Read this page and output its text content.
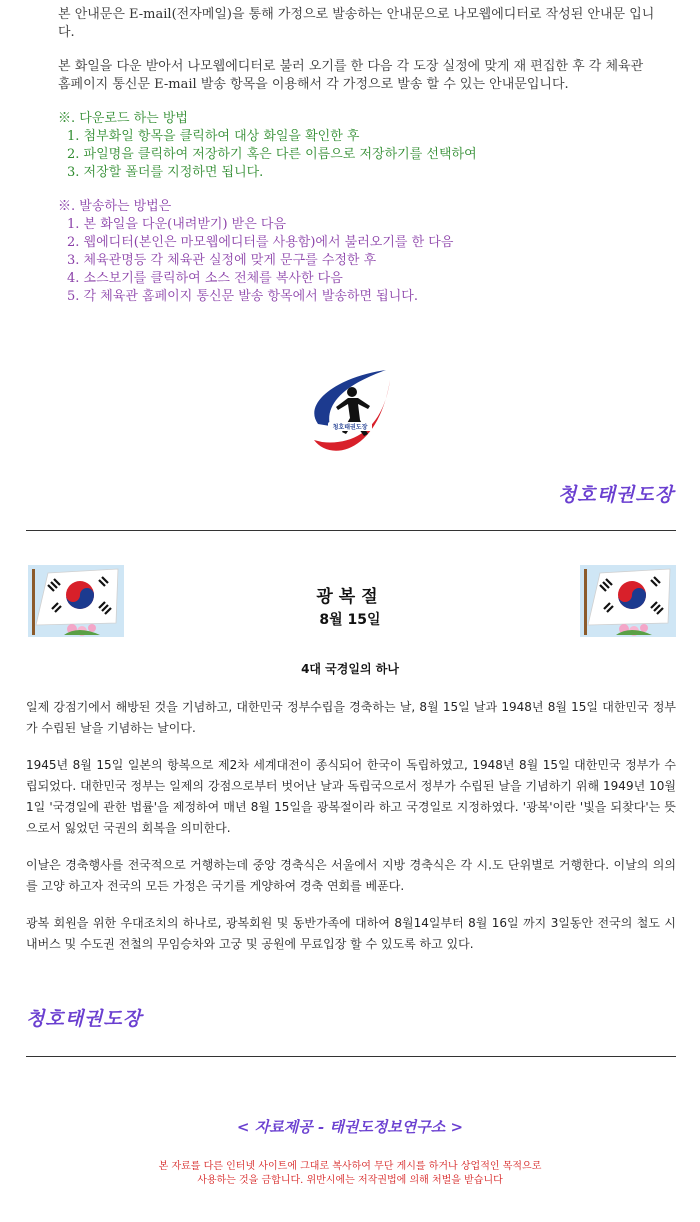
본 안내문은 E-mail(전자메일)을 통해 가정으로 발송하는 안내문으로 나모웹에디터로 작성된 안내문 입니다.

본 화일을 다운 받아서 나모웹에디터로 불러 오기를 한 다음 각 도장 실정에 맞게 재 편집한 후 각 체육관 홈페이지 통신문 E-mail 발송 항목을 이용해서 각 가정으로 발송 할 수 있는 안내문입니다.

※. 다운로드 하는 방법
1. 첨부화일 항목을 클릭하여 대상 화일을 확인한 후
2. 파일명을 클릭하여 저장하기 혹은 다른 이름으로 저장하기를 선택하여
3. 저장할 폴더를 지정하면 됩니다.
※. 발송하는 방법은
1. 본 화일을 다운(내려받기) 받은 다음
2. 웹에디터(본인은 마모웹에디터를 사용함)에서 불러오기를 한 다음
3. 체육관명등 각 체육관 실정에 맞게 문구를 수정한 후
4. 소스보기를 클릭하여 소스 전체를 복사한 다음
5. 각 체육관 홈페이지 통신문 발송 항목에서 발송하면 됩니다.
청호태권도장
청호태권도장
광복절
8월 15일
4대 국경일의 하나

일제 강점기에서 해방된 것을 기념하고, 대한민국 정부수립을 경축하는 날, 8월 15일 날과 1948년 8월 15일 대한민국 정부가 수립된 날을 기념하는 날이다.

1945년 8월 15일 일본의 항복으로 제2차 세계대전이 종식되어 한국이 독립하였고, 1948년 8월 15일 대한민국 정부가 수립되었다. 대한민국 정부는 일제의 강점으로부터 벗어난 날과 독립국으로서 정부가 수립된 날을 기념하기 위해 1949년 10월 1일 '국경일에 관한 법률'을 제정하여 매년 8월 15일을 광복절이라 하고 국경일로 지정하였다. '광복'이란 '빛을 되찾다'는 뜻으로서 잃었던 국권의 회복을 의미한다.

이날은 경축행사를 전국적으로 거행하는데 중앙 경축식은 서울에서 지방 경축식은 각 시.도 단위별로 거행한다. 이날의 의의를 고양 하고자 전국의 모든 가정은 국기를 게양하여 경축 연회를 베푼다.

광복 회원을 위한 우대조치의 하나로, 광복회원 및 동반가족에 대하여 8월14일부터 8월 16일 까지 3일동안 전국의 철도 시내버스 및 수도권 전철의 무임승차와 고궁 및 공원에 무료입장 할 수 있도록 하고 있다.

청호태권도장
< 자료제공 - 태권도정보연구소 >
본 자료를 다른 인터넷 사이트에 그대로 복사하여 무단 게시를 하거나 상업적인 목적으로
사용하는 것을 금합니다. 위반시에는 저작권법에 의해 처벌을 받습니다
